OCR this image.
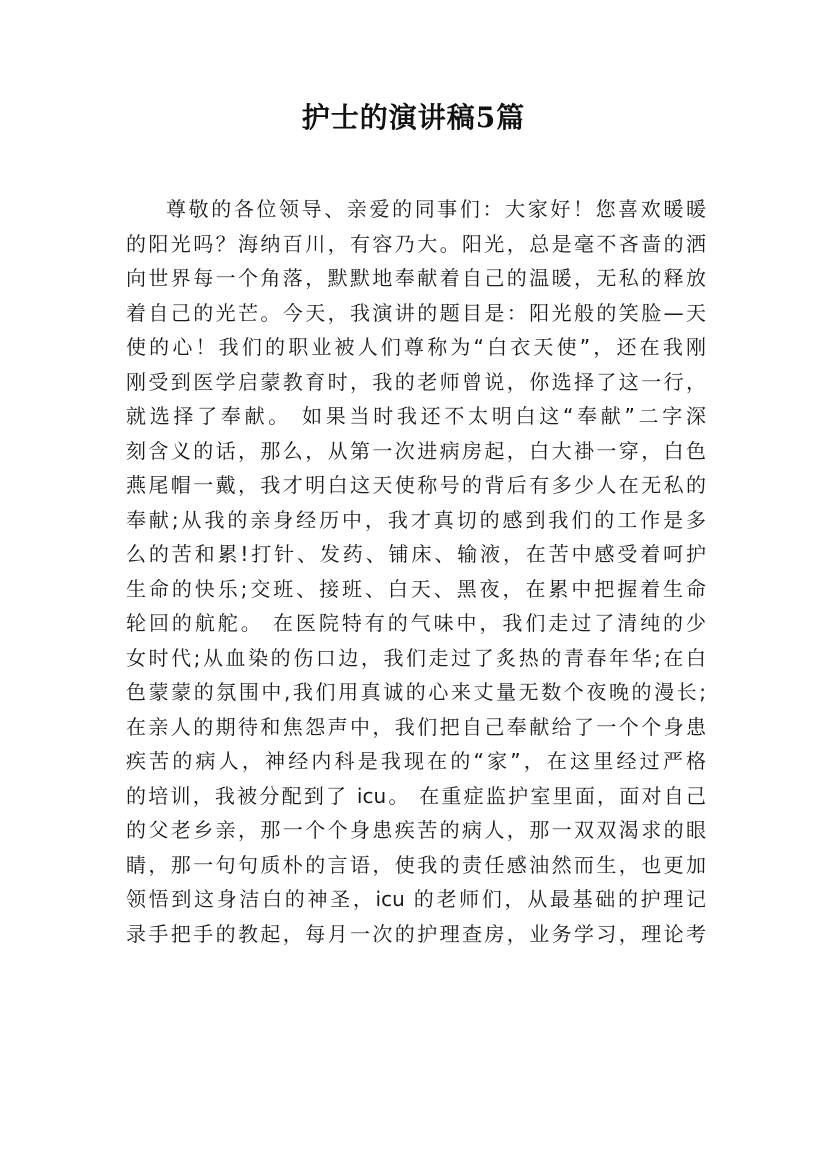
护士的演讲稿5篇
尊敬的各位领导、亲爱的同事们：大家好！您喜欢暖暖
的阳光吗？海纳百川，有容乃大。阳光，总是毫不吝啬的洒
向世界每一个角落，默默地奉献着自己的温暖，无私的释放
着自己的光芒。今天，我演讲的题目是：阳光般的笑脸—天
使的心！我们的职业被人们尊称为“白衣天使”，还在我刚
刚受到医学启蒙教育时，我的老师曾说，你选择了这一行，
就选择了奉献。 如果当时我还不太明白这“奉献”二字深
刻含义的话，那么，从第一次进病房起，白大褂一穿，白色
燕尾帽一戴，我才明白这天使称号的背后有多少人在无私的
奉献;从我的亲身经历中，我才真切的感到我们的工作是多
么的苦和累!打针、发药、铺床、输液，在苦中感受着呵护
生命的快乐;交班、接班、白天、黑夜，在累中把握着生命
轮回的航舵。 在医院特有的气味中，我们走过了清纯的少
女时代;从血染的伤口边，我们走过了炙热的青春年华;在白
色蒙蒙的氛围中,我们用真诚的心来丈量无数个夜晚的漫长;
在亲人的期待和焦怨声中，我们把自己奉献给了一个个身患
疾苦的病人，神经内科是我现在的“家”，在这里经过严格
的培训，我被分配到了 icu。 在重症监护室里面，面对自己
的父老乡亲，那一个个身患疾苦的病人，那一双双渴求的眼
睛，那一句句质朴的言语，使我的责任感油然而生，也更加
领悟到这身洁白的神圣，icu 的老师们，从最基础的护理记
录手把手的教起，每月一次的护理查房，业务学习，理论考
